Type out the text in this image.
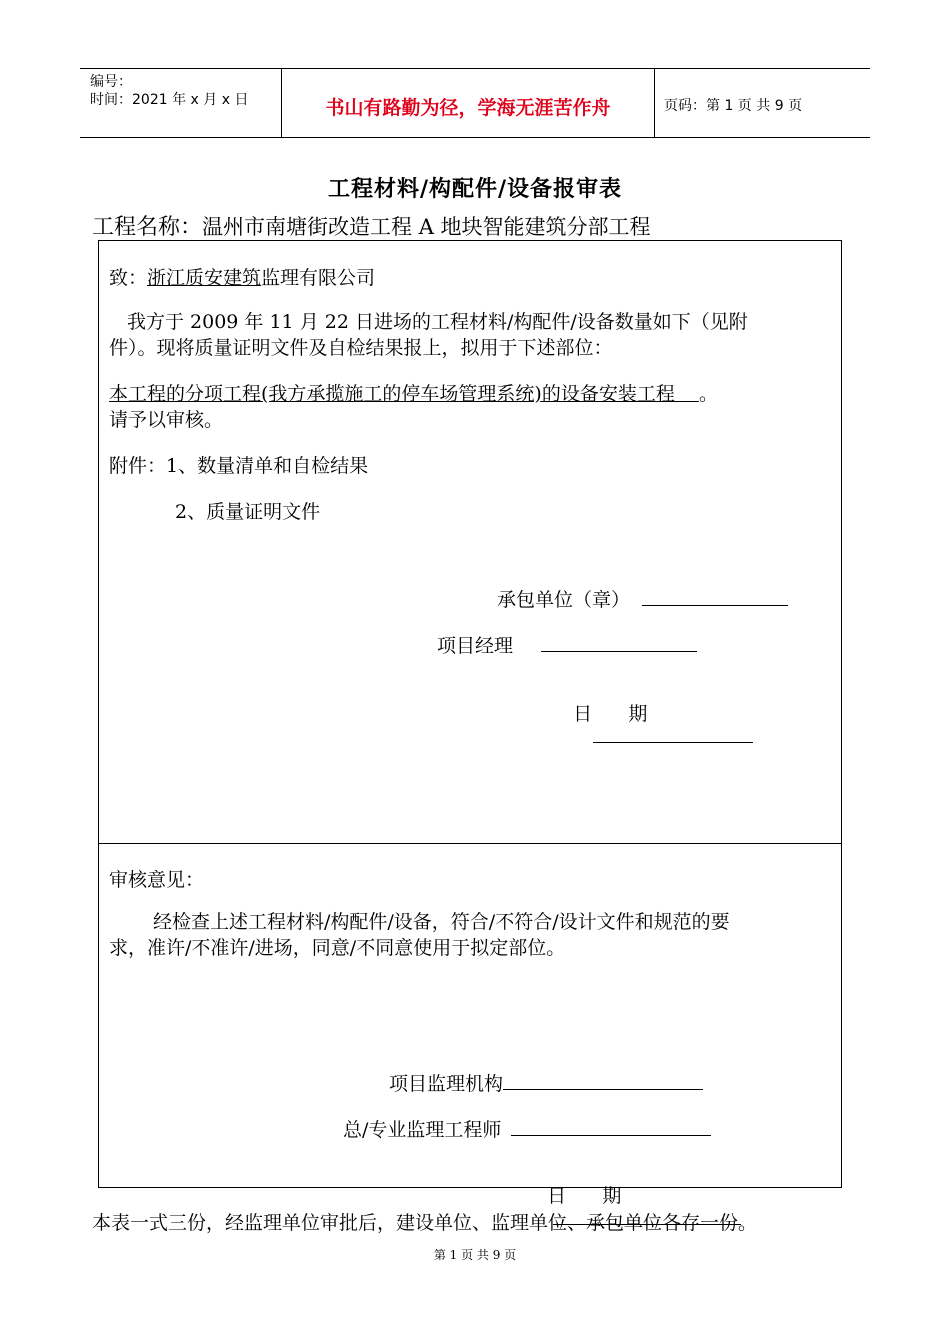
编号：
时间：2021 年 x 月 x 日	书山有路勤为径，学海无涯苦作舟	页码：第 1 页 共 9 页
工程材料/构配件/设备报审表
工程名称：温州市南塘街改造工程 A 地块智能建筑分部工程
致：浙江质安建筑监理有限公司
我方于 2009 年 11 月 22 日进场的工程材料/构配件/设备数量如下（见附
件）。现将质量证明文件及自检结果报上，拟用于下述部位：
本工程的分项工程(我方承揽施工的停车场管理系统)的设备安装工程    。
请予以审核。
附件：1、数量清单和自检结果
2、质量证明文件
承包单位（章）
项目经理

日      期

审核意见：
经检查上述工程材料/构配件/设备，符合/不符合/设计文件和规范的要
求，准许/不准许/进场，同意/不同意使用于拟定部位。
项目监理机构
总/专业监理工程师

日      期

本表一式三份，经监理单位审批后，建设单位、监理单位、承包单位各存一份。
第 1 页 共 9 页
